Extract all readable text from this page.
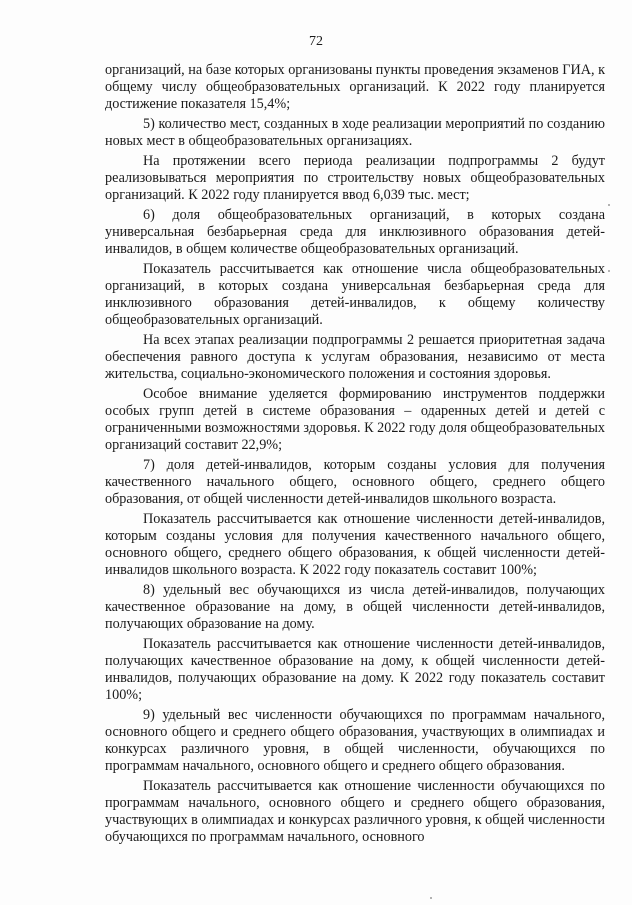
72

организаций, на базе которых организованы пункты проведения экзаменов ГИА, к общему числу общеобразовательных организаций. К 2022 году планируется достижение показателя 15,4%;

5) количество мест, созданных в ходе реализации мероприятий по созданию новых мест в общеобразовательных организациях.

На протяжении всего периода реализации подпрограммы 2 будут реализовываться мероприятия по строительству новых общеобразовательных организаций. К 2022 году планируется ввод 6,039 тыс. мест;

6) доля общеобразовательных организаций, в которых создана универсальная безбарьерная среда для инклюзивного образования детей-инвалидов, в общем количестве общеобразовательных организаций.

Показатель рассчитывается как отношение числа общеобразовательных организаций, в которых создана универсальная безбарьерная среда для инклюзивного образования детей-инвалидов, к общему количеству общеобразовательных организаций.

На всех этапах реализации подпрограммы 2 решается приоритетная задача обеспечения равного доступа к услугам образования, независимо от места жительства, социально-экономического положения и состояния здоровья.

Особое внимание уделяется формированию инструментов поддержки особых групп детей в системе образования – одаренных детей и детей с ограниченными возможностями здоровья. К 2022 году доля общеобразовательных организаций составит 22,9%;

7) доля детей-инвалидов, которым созданы условия для получения качественного начального общего, основного общего, среднего общего образования, от общей численности детей-инвалидов школьного возраста.

Показатель рассчитывается как отношение численности детей-инвалидов, которым созданы условия для получения качественного начального общего, основного общего, среднего общего образования, к общей численности детей-инвалидов школьного возраста. К 2022 году показатель составит 100%;

8) удельный вес обучающихся из числа детей-инвалидов, получающих качественное образование на дому, в общей численности детей-инвалидов, получающих образование на дому.

Показатель рассчитывается как отношение численности детей-инвалидов, получающих качественное образование на дому, к общей численности детей-инвалидов, получающих образование на дому. К 2022 году показатель составит 100%;

9) удельный вес численности обучающихся по программам начального, основного общего и среднего общего образования, участвующих в олимпиадах и конкурсах различного уровня, в общей численности, обучающихся по программам начального, основного общего и среднего общего образования.

Показатель рассчитывается как отношение численности обучающихся по программам начального, основного общего и среднего общего образования, участвующих в олимпиадах и конкурсах различного уровня, к общей численности обучающихся по программам начального, основного
